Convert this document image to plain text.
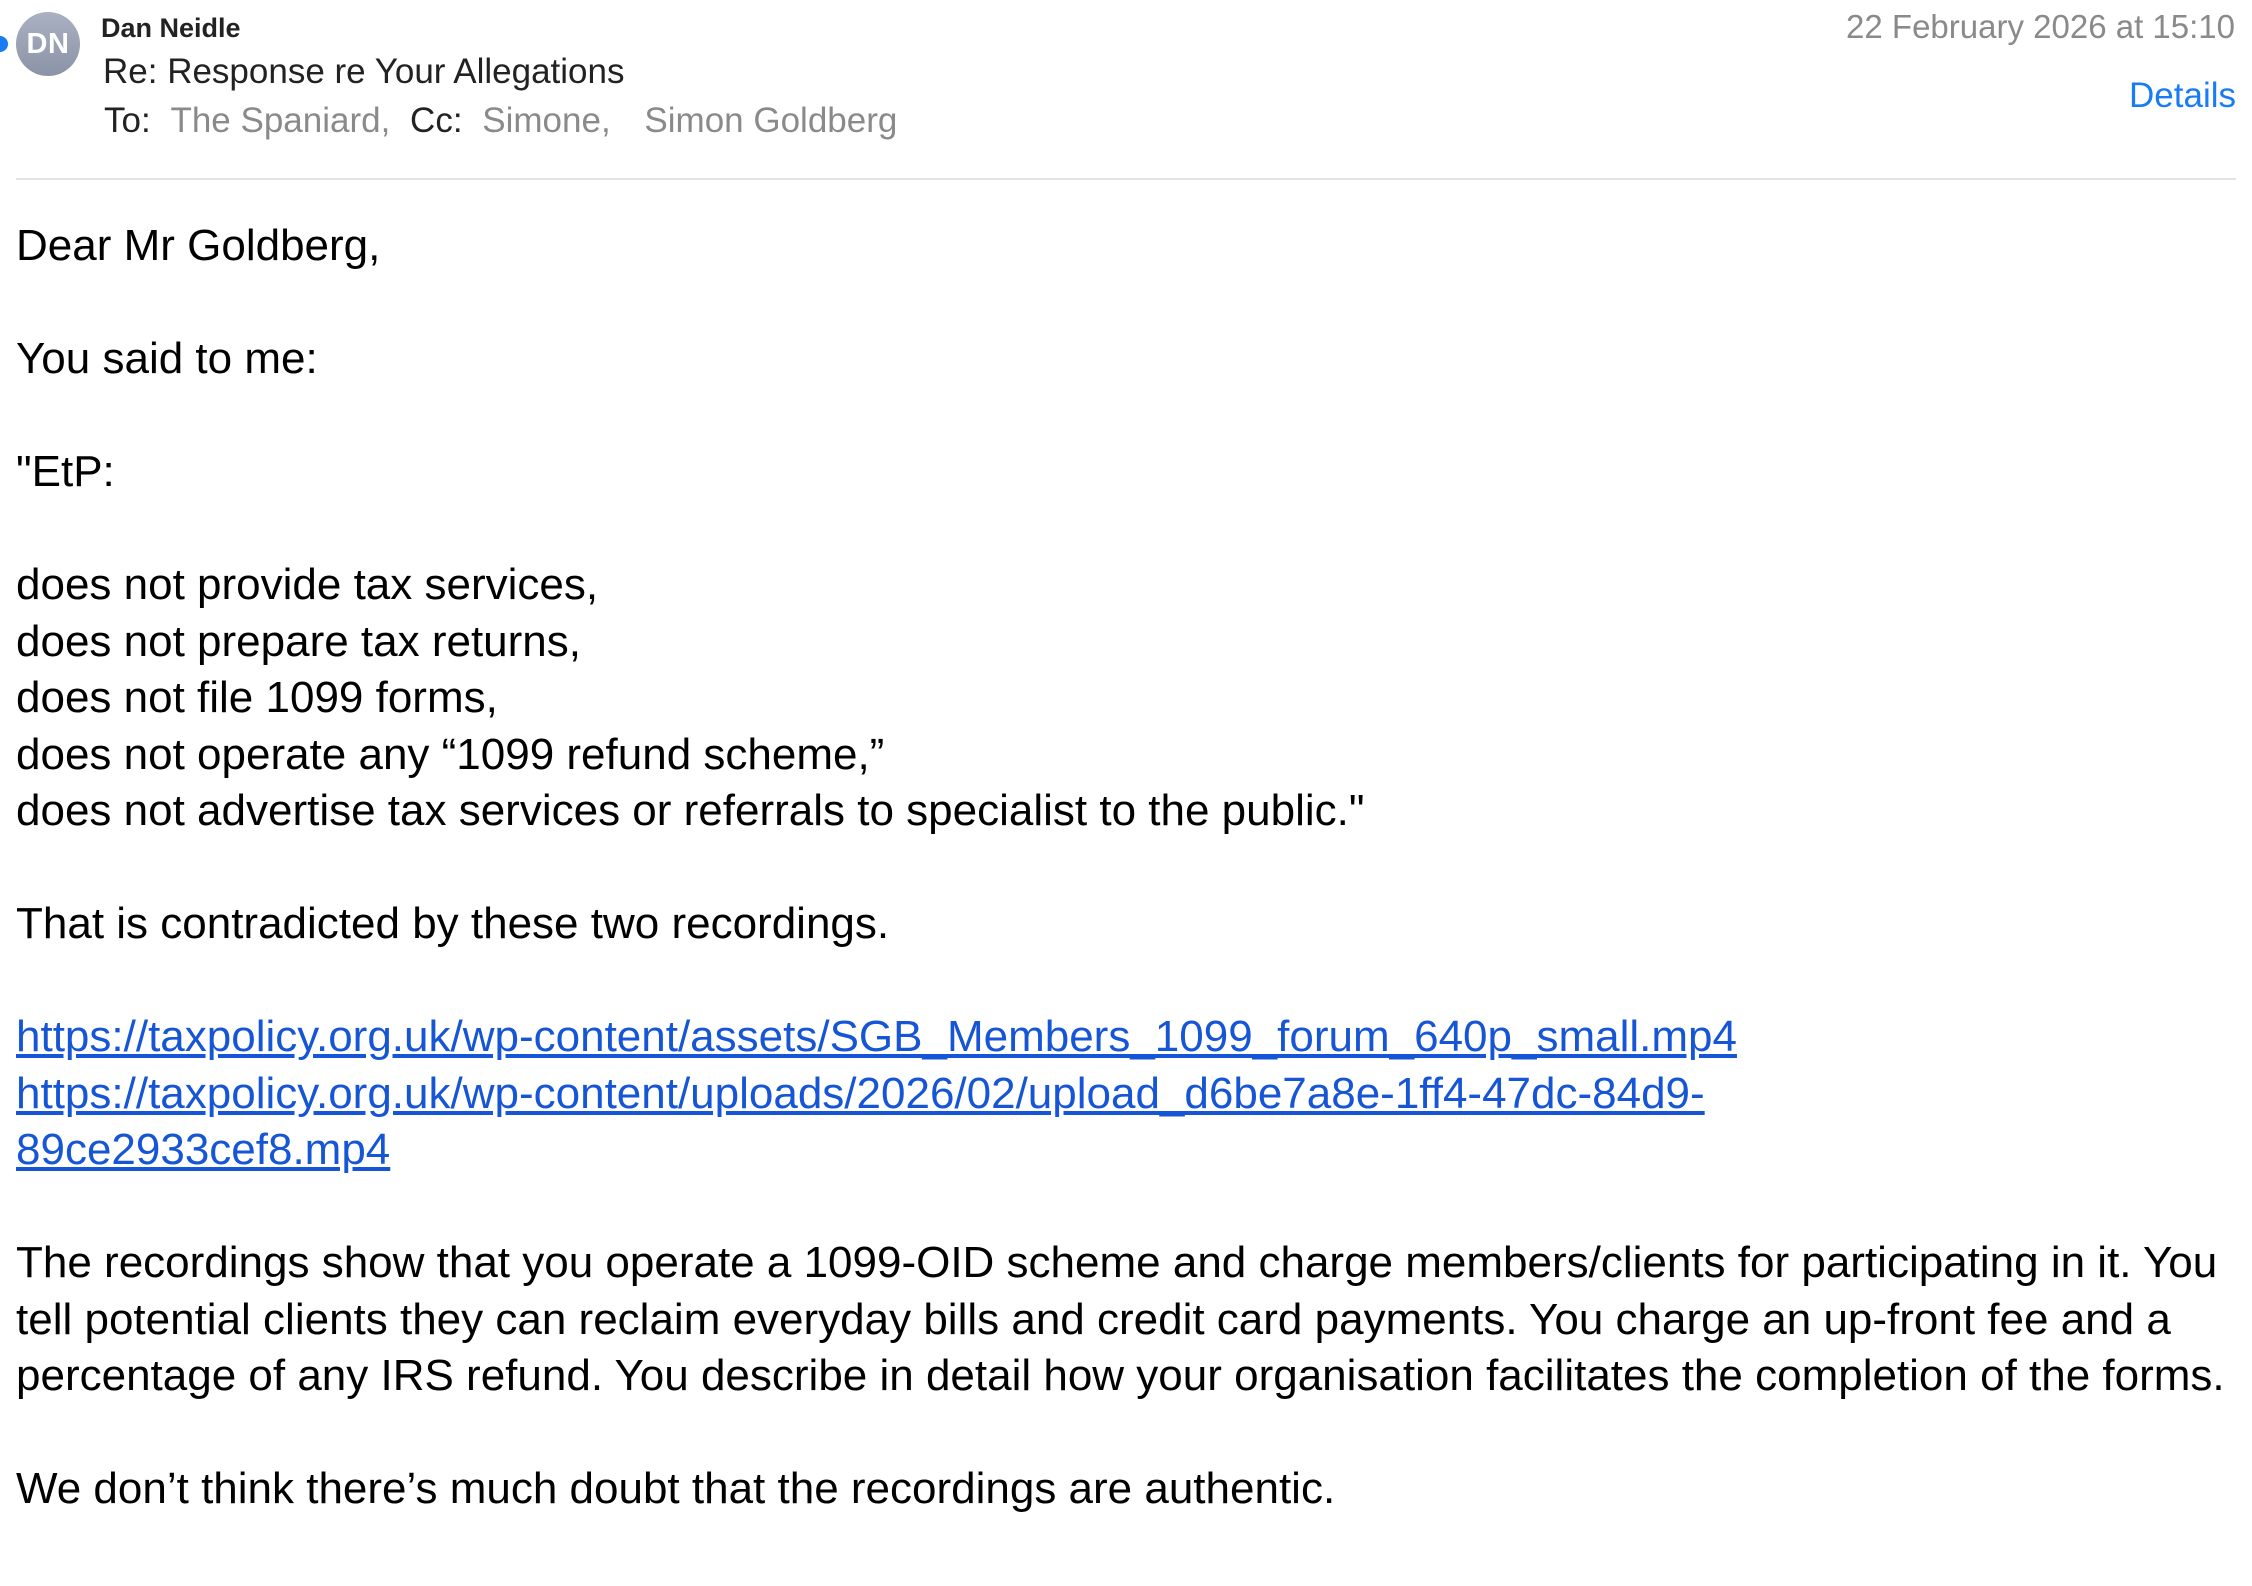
DN Dan Neidle
Re: Response re Your Allegations
To: The Spaniard, Cc: Simone, Simon Goldberg
22 February 2026 at 15:10
Details

Dear Mr Goldberg,

You said to me:

"EtP:

does not provide tax services,
does not prepare tax returns,
does not file 1099 forms,
does not operate any “1099 refund scheme,”
does not advertise tax services or referrals to specialist to the public."

That is contradicted by these two recordings.

https://taxpolicy.org.uk/wp-content/assets/SGB_Members_1099_forum_640p_small.mp4
https://taxpolicy.org.uk/wp-content/uploads/2026/02/upload_d6be7a8e-1ff4-47dc-84d9-89ce2933cef8.mp4

The recordings show that you operate a 1099-OID scheme and charge members/clients for participating in it. You tell potential clients they can reclaim everyday bills and credit card payments. You charge an up-front fee and a percentage of any IRS refund. You describe in detail how your organisation facilitates the completion of the forms.

We don’t think there’s much doubt that the recordings are authentic.
